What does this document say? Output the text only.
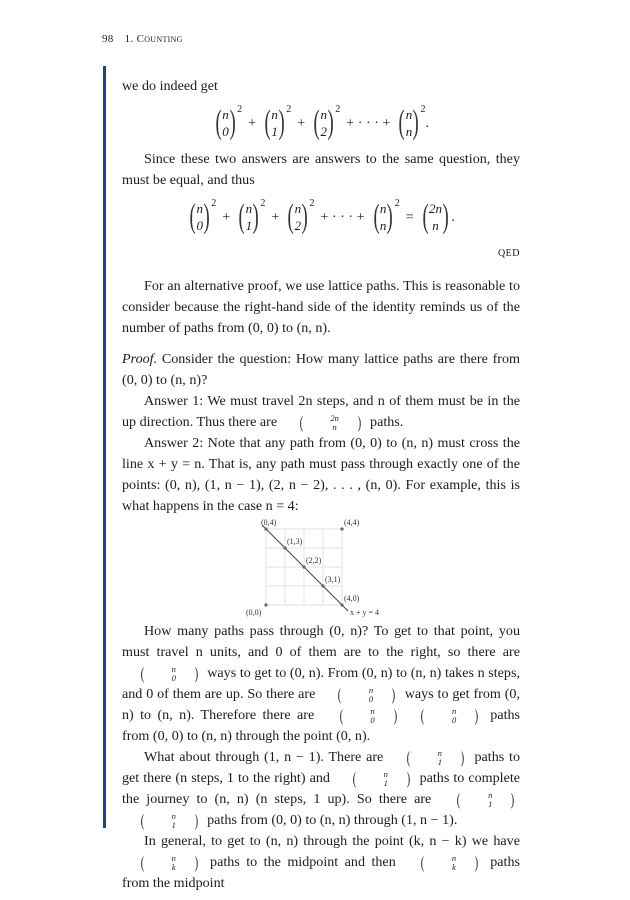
98 1. Counting

we do indeed get

( n
0 ) 2
+ ( n
1 ) 2
+ ( n
2 ) 2
+ · · · + ( n
n ) 2
.

Since these two answers are answers to the same question, they must be equal, and thus

( n
0 ) 2
+ ( n
1 ) 2
+ ( n
2 ) 2
+ · · · + ( n
n ) 2
= ( 2n
n ) .
QED

For an alternative proof, we use lattice paths. This is reasonable to consider because the right-hand side of the identity reminds us of the number of paths from (0, 0) to (n, n).

Proof. Consider the question: How many lattice paths are there from (0, 0) to (n, n)?

Answer 1: We must travel 2n steps, and n of them must be in the up direction. Thus there are	(	2n
n	) paths.

Answer 2: Note that any path from (0, 0) to (n, n) must cross the line x + y = n. That is, any path must pass through exactly one of the points: (0, n), (1, n − 1), (2, n − 2), . . . , (n, 0). For example, this is what happens in the case n = 4:

(0,4)	(4,4)
(1,3)
(2,2)
(3,1)
(4,0)
(0,0)	x + y = 4

How many paths pass through (0, n)? To get to that point, you must travel n units, and 0 of them are to the right, so there are
(	n
0	) ways to get to (0, n). From (0, n) to (n, n) takes n steps, and 0 of them are up. So there are	(	n
0	) ways to get from (0, n) to (n, n). Therefore there are	(	n
0	)	(	n
0	) paths from (0, 0) to (n, n) through the point (0, n).

What about through (1, n − 1). There are	(	n
1	) paths to get there (n steps, 1 to the right) and	(	n
1	) paths to complete the journey to (n, n) (n steps, 1 up). So there are	(	n
1	)
(	n
1	) paths from (0, 0) to (n, n) through (1, n − 1).

In general, to get to (n, n) through the point (k, n − k) we have
(	n
k	) paths to the midpoint and then	(	n
k	) paths from the midpoint
